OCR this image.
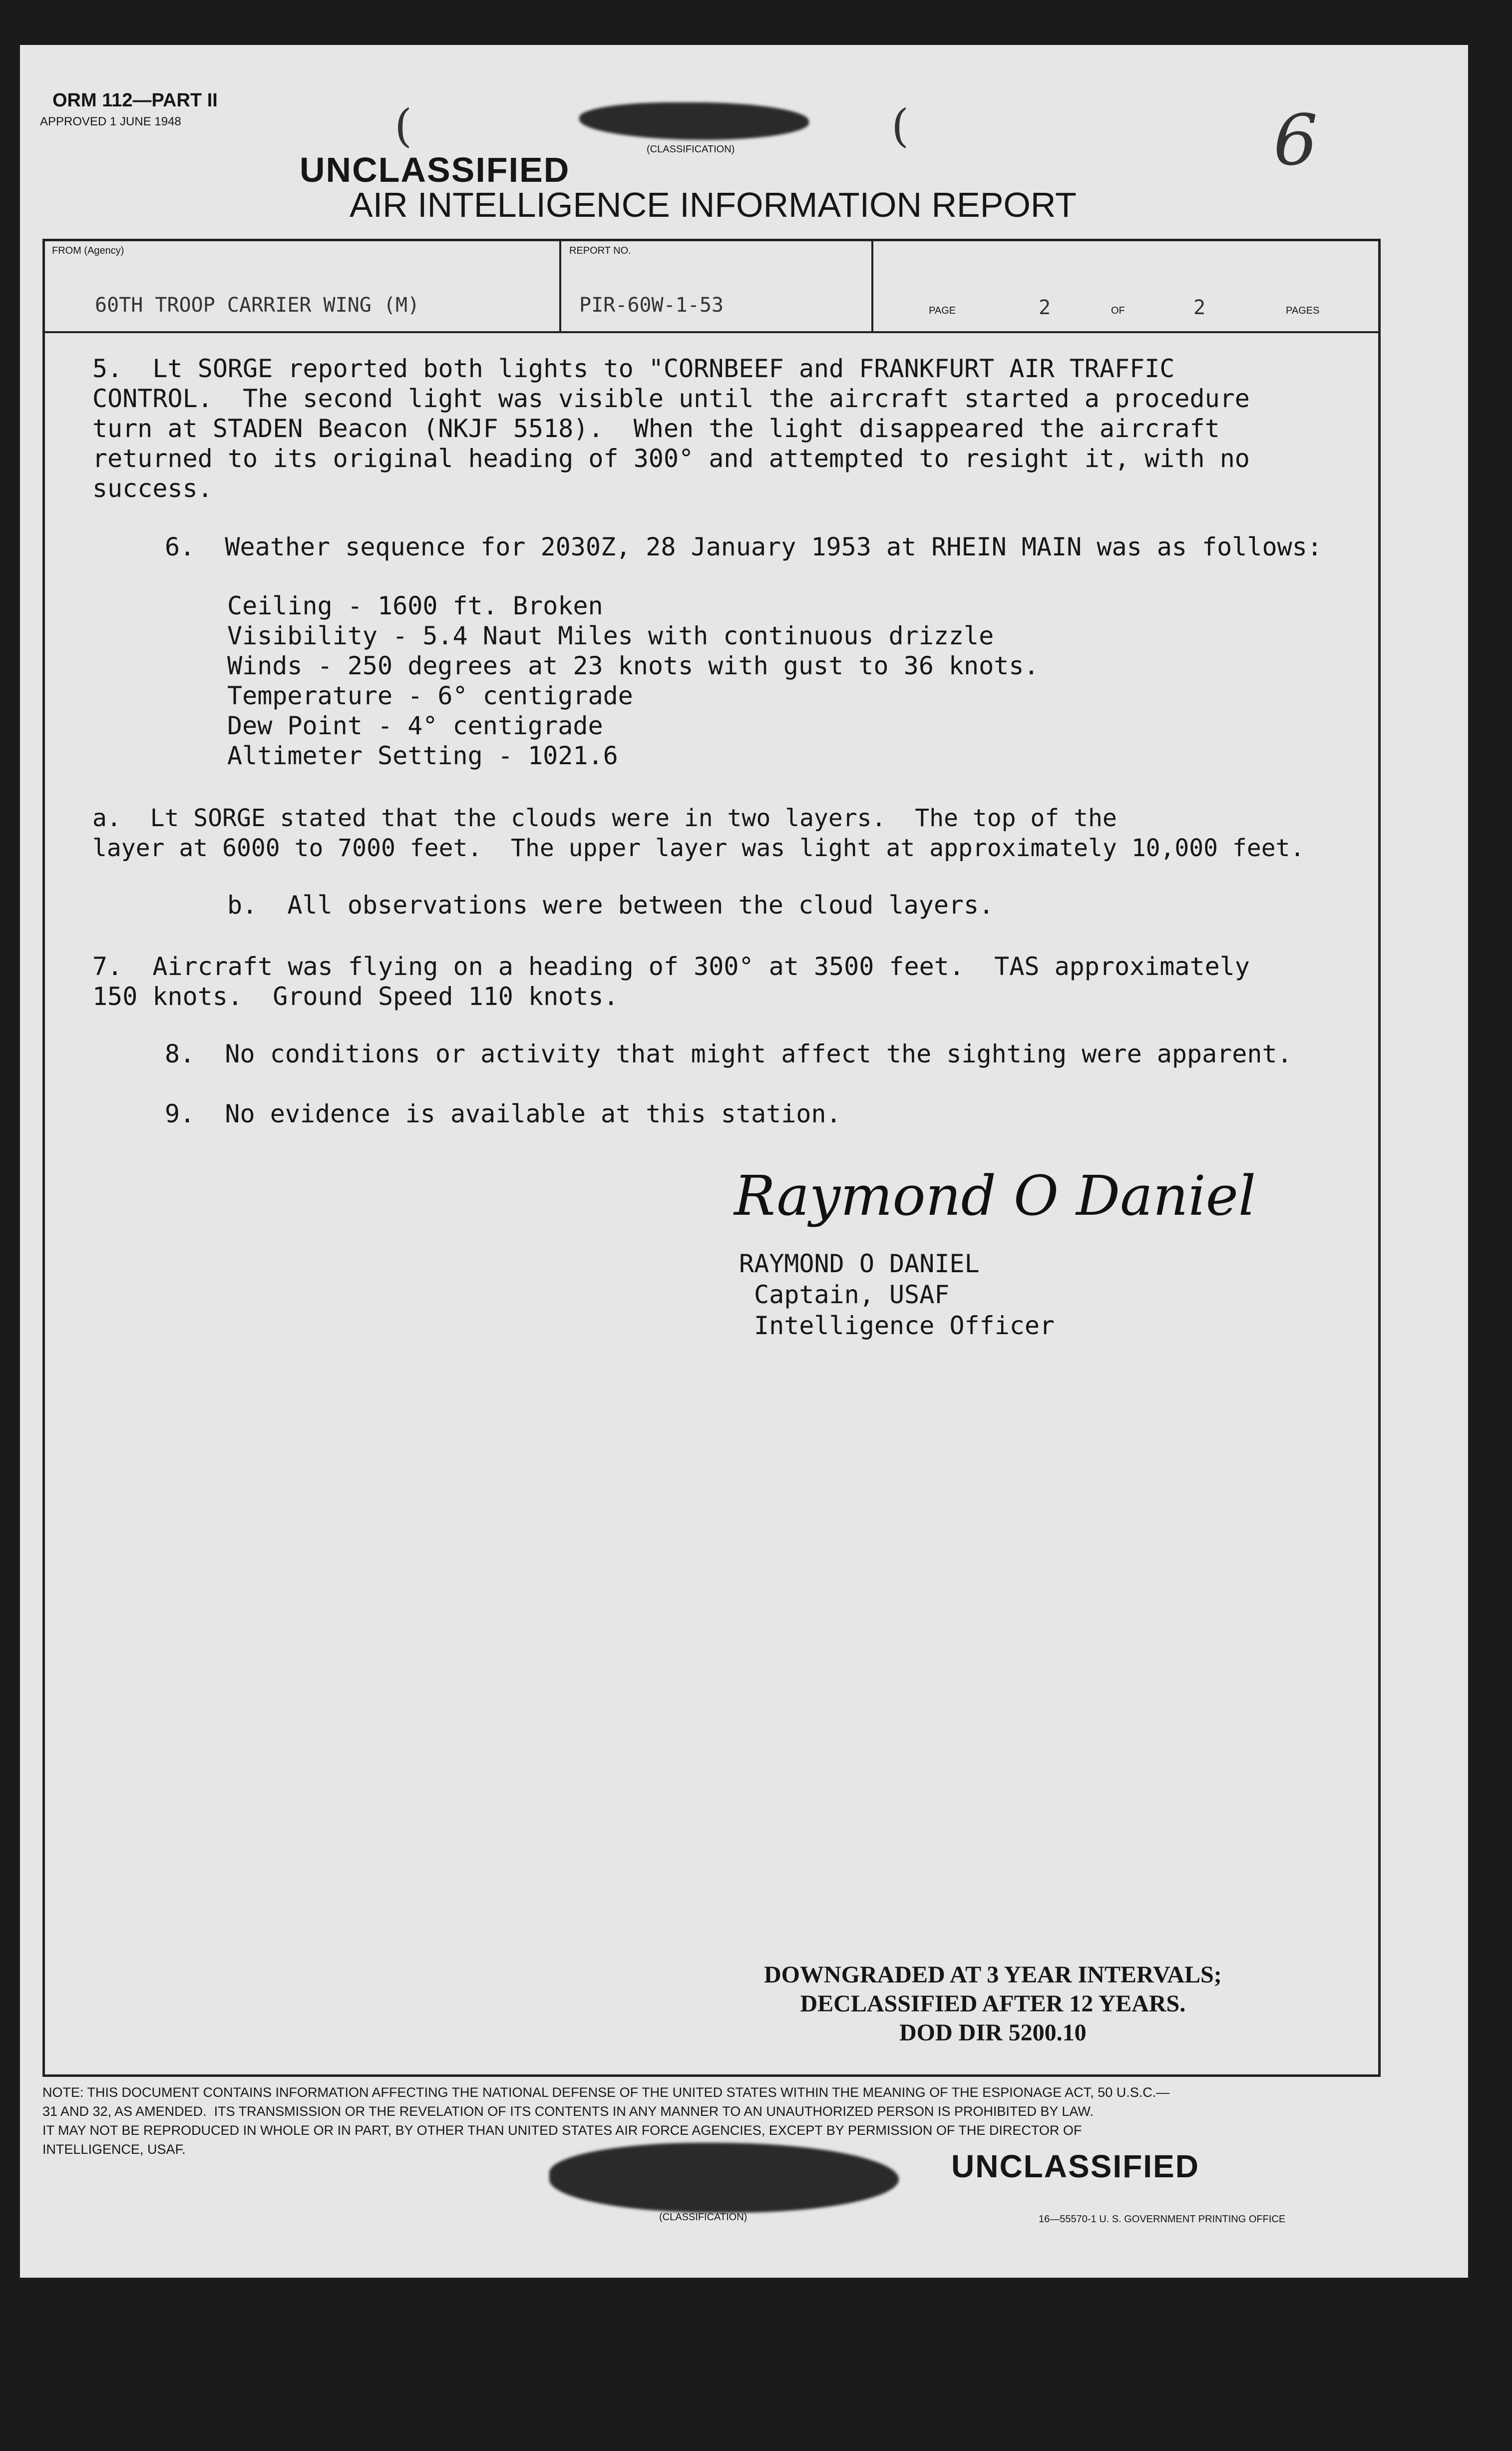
ORM 112—PART II
APPROVED 1 JUNE 1948	(	(
(CLASSIFICATION)
UNCLASSIFIED
AIR INTELLIGENCE INFORMATION REPORT
6
FROM (Agency)
60TH TROOP CARRIER WING (M)
REPORT NO.
PIR-60W-1-53	PAGE	2	OF	2	PAGES
5.  Lt SORGE reported both lights to "CORNBEEF and FRANKFURT AIR TRAFFIC
CONTROL.  The second light was visible until the aircraft started a procedure
turn at STADEN Beacon (NKJF 5518).  When the light disappeared the aircraft
returned to its original heading of 300° and attempted to resight it, with no
success.
6.  Weather sequence for 2030Z, 28 January 1953 at RHEIN MAIN was as follows:
Ceiling - 1600 ft. Broken
Visibility - 5.4 Naut Miles with continuous drizzle
Winds - 250 degrees at 23 knots with gust to 36 knots.
Temperature - 6° centigrade
Dew Point - 4° centigrade
Altimeter Setting - 1021.6
a.  Lt SORGE stated that the clouds were in two layers.  The top of the
layer at 6000 to 7000 feet.  The upper layer was light at approximately 10,000 feet.
b.  All observations were between the cloud layers.
7.  Aircraft was flying on a heading of 300° at 3500 feet.  TAS approximately
150 knots.  Ground Speed 110 knots.
8.  No conditions or activity that might affect the sighting were apparent.
9.  No evidence is available at this station.
Raymond O Daniel
RAYMOND O DANIEL
Captain, USAF
Intelligence Officer
DOWNGRADED AT 3 YEAR INTERVALS;
DECLASSIFIED AFTER 12 YEARS.
DOD DIR 5200.10
NOTE: THIS DOCUMENT CONTAINS INFORMATION AFFECTING THE NATIONAL DEFENSE OF THE UNITED STATES WITHIN THE MEANING OF THE ESPIONAGE ACT, 50 U.S.C.—
31 AND 32, AS AMENDED.  ITS TRANSMISSION OR THE REVELATION OF ITS CONTENTS IN ANY MANNER TO AN UNAUTHORIZED PERSON IS PROHIBITED BY LAW.
IT MAY NOT BE REPRODUCED IN WHOLE OR IN PART, BY OTHER THAN UNITED STATES AIR FORCE AGENCIES, EXCEPT BY PERMISSION OF THE DIRECTOR OF
INTELLIGENCE, USAF.	UNCLASSIFIED
(CLASSIFICATION)	16—55570-1 U. S. GOVERNMENT PRINTING OFFICE
